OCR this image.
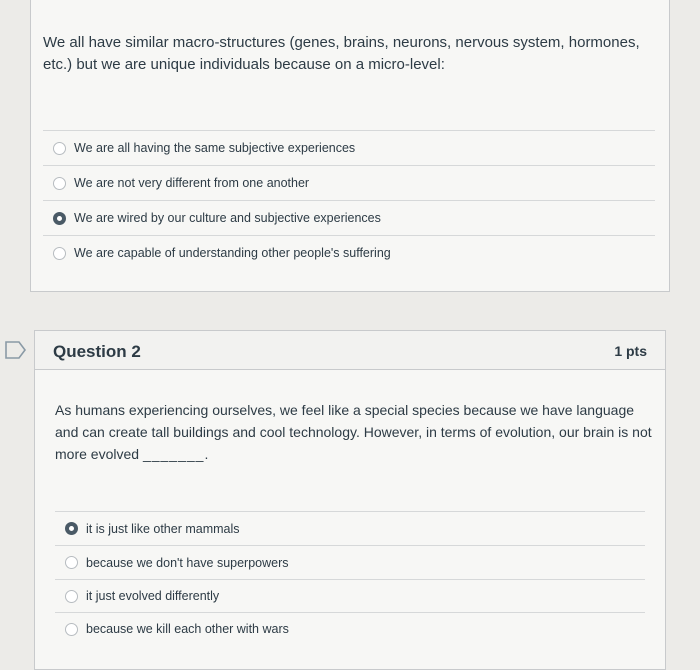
We all have similar macro-structures (genes, brains, neurons, nervous system, hormones, etc.) but we are unique individuals because on a micro-level:
We are all having the same subjective experiences
We are not very different from one another
We are wired by our culture and subjective experiences
We are capable of understanding other people's suffering
Question 2	1 pts
As humans experiencing ourselves, we feel like a special species because we have language and can create tall buildings and cool technology. However, in terms of evolution, our brain is not more evolved _______.
it is just like other mammals
because we don't have superpowers
it just evolved differently
because we kill each other with wars
